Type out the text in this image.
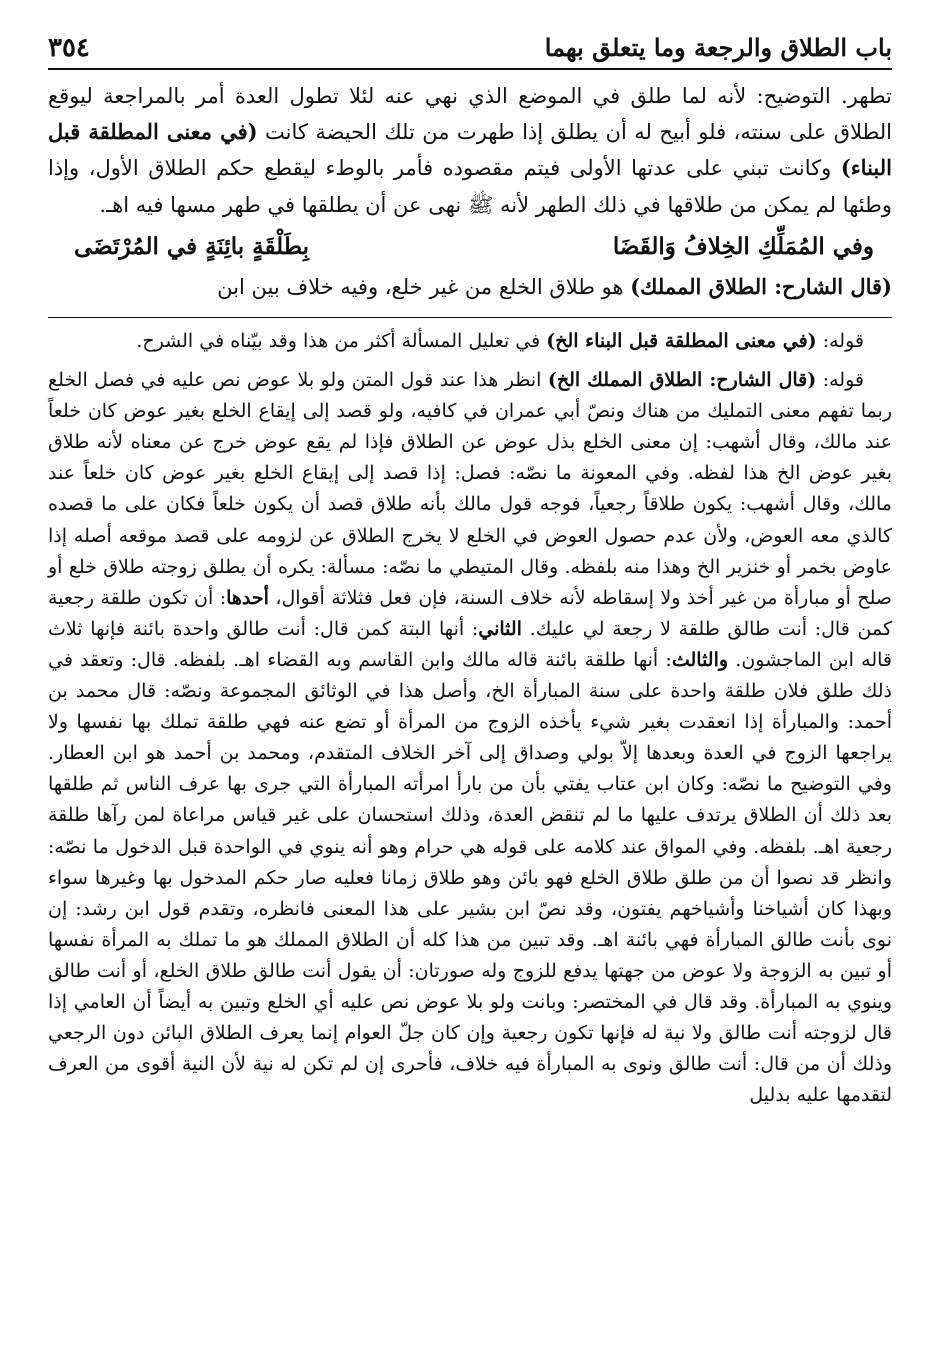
باب الطلاق والرجعة وما يتعلق بهما
٣٥٤

تطهر. التوضيح: لأنه لما طلق في الموضع الذي نهي عنه لئلا تطول العدة أمر بالمراجعة ليوقع الطلاق على سنته، فلو أبيح له أن يطلق إذا طهرت من تلك الحيضة كانت (في معنى المطلقة قبل البناء) وكانت تبني على عدتها الأولى فيتم مقصوده فأمر بالوطء ليقطع حكم الطلاق الأول، وإذا وطئها لم يمكن من طلاقها في ذلك الطهر لأنه ﷺ نهى عن أن يطلقها في طهر مسها فيه اهـ.

وفي المُمَلِّكِ الخِلافُ وَالقَضَا
بِطَلْقَةٍ بائِنَةٍ في المُرْتَضَى

(قال الشارح: الطلاق المملك) هو طلاق الخلع من غير خلع، وفيه خلاف بين ابن

قوله: (في معنى المطلقة قبل البناء الخ) في تعليل المسألة أكثر من هذا وقد بيّناه في الشرح.

قوله: (قال الشارح: الطلاق المملك الخ) انظر هذا عند قول المتن ولو بلا عوض نص عليه في فصل الخلع ربما تفهم معنى التمليك من هناك ونصّ أبي عمران في كافيه، ولو قصد إلى إيقاع الخلع بغير عوض كان خلعاً عند مالك، وقال أشهب: إن معنى الخلع بذل عوض عن الطلاق فإذا لم يقع عوض خرج عن معناه لأنه طلاق بغير عوض الخ هذا لفظه. وفي المعونة ما نصّه: فصل: إذا قصد إلى إيقاع الخلع بغير عوض كان خلعاً عند مالك، وقال أشهب: يكون طلاقاً رجعياً، فوجه قول مالك بأنه طلاق قصد أن يكون خلعاً فكان على ما قصده كالذي معه العوض، ولأن عدم حصول العوض في الخلع لا يخرج الطلاق عن لزومه على قصد موقعه أصله إذا عاوض بخمر أو خنزير الخ وهذا منه بلفظه. وقال المتيطي ما نصّه: مسألة: يكره أن يطلق زوجته طلاق خلع أو صلح أو مبارأة من غير أخذ ولا إسقاطه لأنه خلاف السنة، فإن فعل فثلاثة أقوال، أحدها: أن تكون طلقة رجعية كمن قال: أنت طالق طلقة لا رجعة لي عليك. الثاني: أنها البتة كمن قال: أنت طالق واحدة بائنة فإنها ثلاث قاله ابن الماجشون. والثالث: أنها طلقة بائنة قاله مالك وابن القاسم وبه القضاء اهـ. بلفظه. قال: وتعقد في ذلك طلق فلان طلقة واحدة على سنة المبارأة الخ، وأصل هذا في الوثائق المجموعة ونصّه: قال محمد بن أحمد: والمبارأة إذا انعقدت بغير شيء يأخذه الزوج من المرأة أو تضع عنه فهي طلقة تملك بها نفسها ولا يراجعها الزوج في العدة وبعدها إلاّ بولي وصداق إلى آخر الخلاف المتقدم، ومحمد بن أحمد هو ابن العطار. وفي التوضيح ما نصّه: وكان ابن عتاب يفتي بأن من بارأ امرأته المبارأة التي جرى بها عرف الناس ثم طلقها بعد ذلك أن الطلاق يرتدف عليها ما لم تنقض العدة، وذلك استحسان على غير قياس مراعاة لمن رآها طلقة رجعية اهـ. بلفظه. وفي المواق عند كلامه على قوله هي حرام وهو أنه ينوي في الواحدة قبل الدخول ما نصّه: وانظر قد نصوا أن من طلق طلاق الخلع فهو بائن وهو طلاق زمانا فعليه صار حكم المدخول بها وغيرها سواء وبهذا كان أشياخنا وأشياخهم يفتون، وقد نصّ ابن بشير على هذا المعنى فانظره، وتقدم قول ابن رشد: إن نوى بأنت طالق المبارأة فهي بائنة اهـ. وقد تبين من هذا كله أن الطلاق المملك هو ما تملك به المرأة نفسها أو تبين به الزوجة ولا عوض من جهتها يدفع للزوج وله صورتان: أن يقول أنت طالق طلاق الخلع، أو أنت طالق وينوي به المبارأة. وقد قال في المختصر: وبانت ولو بلا عوض نص عليه أي الخلع وتبين به أيضاً أن العامي إذا قال لزوجته أنت طالق ولا نية له فإنها تكون رجعية وإن كان جلّ العوام إنما يعرف الطلاق البائن دون الرجعي وذلك أن من قال: أنت طالق ونوى به المبارأة فيه خلاف، فأحرى إن لم تكن له نية لأن النية أقوى من العرف لتقدمها عليه بدليل
